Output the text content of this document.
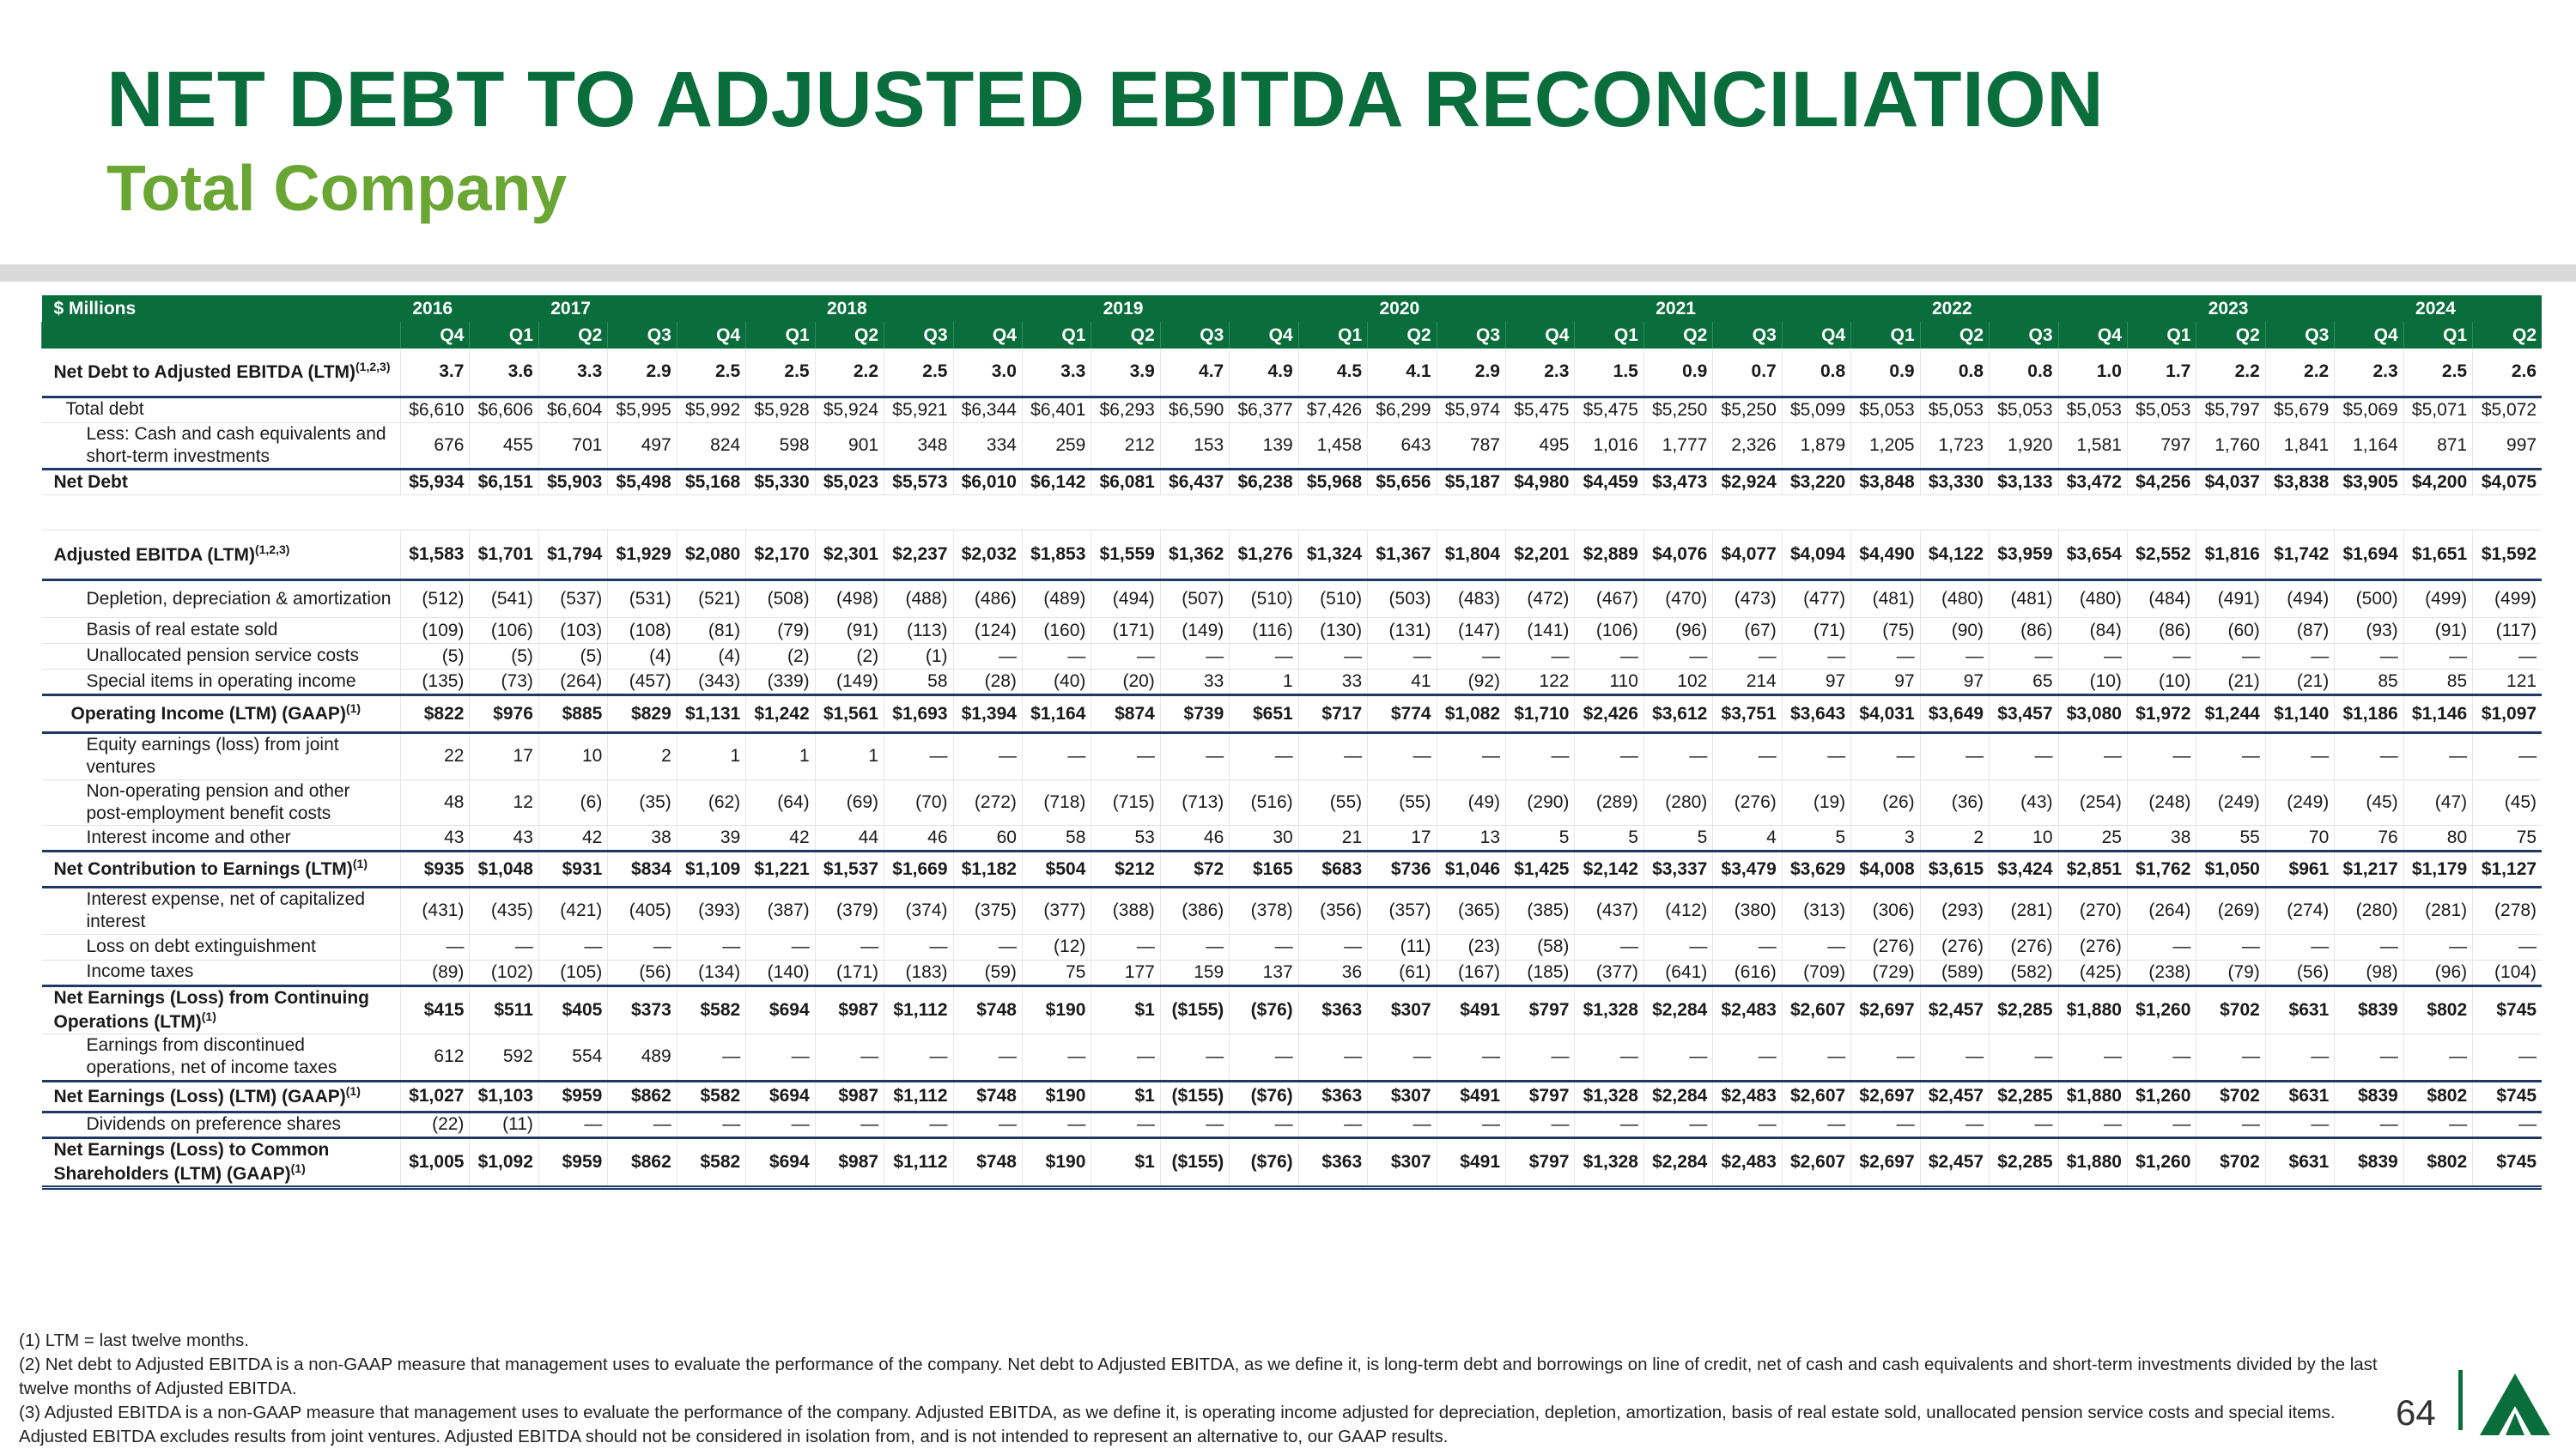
NET DEBT TO ADJUSTED EBITDA RECONCILIATION
Total Company
$ Millions	2016		2017				2018				2019				2020				2021				2022				2023			2024	
	Q4	Q1	Q2	Q3	Q4	Q1	Q2	Q3	Q4	Q1	Q2	Q3	Q4	Q1	Q2	Q3	Q4	Q1	Q2	Q3	Q4	Q1	Q2	Q3	Q4	Q1	Q2	Q3	Q4	Q1	Q2
Net Debt to Adjusted EBITDA (LTM)$^{(1,2,3)}$	3.7	3.6	3.3	2.9	2.5	2.5	2.2	2.5	3.0	3.3	3.9	4.7	4.9	4.5	4.1	2.9	2.3	1.5	0.9	0.7	0.8	0.9	0.8	0.8	1.0	1.7	2.2	2.2	2.3	2.5	2.6
Total debt	$6,610	$6,606	$6,604	$5,995	$5,992	$5,928	$5,924	$5,921	$6,344	$6,401	$6,293	$6,590	$6,377	$7,426	$6,299	$5,974	$5,475	$5,475	$5,250	$5,250	$5,099	$5,053	$5,053	$5,053	$5,053	$5,053	$5,797	$5,679	$5,069	$5,071	$5,072
Less: Cash and cash equivalents and short-term investments	676	455	701	497	824	598	901	348	334	259	212	153	139	1,458	643	787	495	1,016	1,777	2,326	1,879	1,205	1,723	1,920	1,581	797	1,760	1,841	1,164	871	997
Net Debt	$5,934	$6,151	$5,903	$5,498	$5,168	$5,330	$5,023	$5,573	$6,010	$6,142	$6,081	$6,437	$6,238	$5,968	$5,656	$5,187	$4,980	$4,459	$3,473	$2,924	$3,220	$3,848	$3,330	$3,133	$3,472	$4,256	$4,037	$3,838	$3,905	$4,200	$4,075

Adjusted EBITDA (LTM)$^{(1,2,3)}$	$1,583	$1,701	$1,794	$1,929	$2,080	$2,170	$2,301	$2,237	$2,032	$1,853	$1,559	$1,362	$1,276	$1,324	$1,367	$1,804	$2,201	$2,889	$4,076	$4,077	$4,094	$4,490	$4,122	$3,959	$3,654	$2,552	$1,816	$1,742	$1,694	$1,651	$1,592
Depletion, depreciation & amortization	(512)	(541)	(537)	(531)	(521)	(508)	(498)	(488)	(486)	(489)	(494)	(507)	(510)	(510)	(503)	(483)	(472)	(467)	(470)	(473)	(477)	(481)	(480)	(481)	(480)	(484)	(491)	(494)	(500)	(499)	(499)
Basis of real estate sold	(109)	(106)	(103)	(108)	(81)	(79)	(91)	(113)	(124)	(160)	(171)	(149)	(116)	(130)	(131)	(147)	(141)	(106)	(96)	(67)	(71)	(75)	(90)	(86)	(84)	(86)	(60)	(87)	(93)	(91)	(117)
Unallocated pension service costs	(5)	(5)	(5)	(4)	(4)	(2)	(2)	(1)	—	—	—	—	—	—	—	—	—	—	—	—	—	—	—	—	—	—	—	—	—	—	—
Special items in operating income	(135)	(73)	(264)	(457)	(343)	(339)	(149)	58	(28)	(40)	(20)	33	1	33	41	(92)	122	110	102	214	97	97	97	65	(10)	(10)	(21)	(21)	85	85	121
Operating Income (LTM) (GAAP)$^{(1)}$	$822	$976	$885	$829	$1,131	$1,242	$1,561	$1,693	$1,394	$1,164	$874	$739	$651	$717	$774	$1,082	$1,710	$2,426	$3,612	$3,751	$3,643	$4,031	$3,649	$3,457	$3,080	$1,972	$1,244	$1,140	$1,186	$1,146	$1,097
Equity earnings (loss) from joint ventures	22	17	10	2	1	1	1	—	—	—	—	—	—	—	—	—	—	—	—	—	—	—	—	—	—	—	—	—	—	—	—
Non-operating pension and other post-employment benefit costs	48	12	(6)	(35)	(62)	(64)	(69)	(70)	(272)	(718)	(715)	(713)	(516)	(55)	(55)	(49)	(290)	(289)	(280)	(276)	(19)	(26)	(36)	(43)	(254)	(248)	(249)	(249)	(45)	(47)	(45)
Interest income and other	43	43	42	38	39	42	44	46	60	58	53	46	30	21	17	13	5	5	5	4	5	3	2	10	25	38	55	70	76	80	75
Net Contribution to Earnings (LTM)$^{(1)}$	$935	$1,048	$931	$834	$1,109	$1,221	$1,537	$1,669	$1,182	$504	$212	$72	$165	$683	$736	$1,046	$1,425	$2,142	$3,337	$3,479	$3,629	$4,008	$3,615	$3,424	$2,851	$1,762	$1,050	$961	$1,217	$1,179	$1,127
Interest expense, net of capitalized interest	(431)	(435)	(421)	(405)	(393)	(387)	(379)	(374)	(375)	(377)	(388)	(386)	(378)	(356)	(357)	(365)	(385)	(437)	(412)	(380)	(313)	(306)	(293)	(281)	(270)	(264)	(269)	(274)	(280)	(281)	(278)
Loss on debt extinguishment	—	—	—	—	—	—	—	—	—	(12)	—	—	—	—	(11)	(23)	(58)	—	—	—	—	(276)	(276)	(276)	(276)	—	—	—	—	—	—
Income taxes	(89)	(102)	(105)	(56)	(134)	(140)	(171)	(183)	(59)	75	177	159	137	36	(61)	(167)	(185)	(377)	(641)	(616)	(709)	(729)	(589)	(582)	(425)	(238)	(79)	(56)	(98)	(96)	(104)
Net Earnings (Loss) from Continuing Operations (LTM)$^{(1)}$	$415	$511	$405	$373	$582	$694	$987	$1,112	$748	$190	$1	($155)	($76)	$363	$307	$491	$797	$1,328	$2,284	$2,483	$2,607	$2,697	$2,457	$2,285	$1,880	$1,260	$702	$631	$839	$802	$745
Earnings from discontinued operations, net of income taxes	612	592	554	489	—	—	—	—	—	—	—	—	—	—	—	—	—	—	—	—	—	—	—	—	—	—	—	—	—	—	—
Net Earnings (Loss) (LTM) (GAAP)$^{(1)}$	$1,027	$1,103	$959	$862	$582	$694	$987	$1,112	$748	$190	$1	($155)	($76)	$363	$307	$491	$797	$1,328	$2,284	$2,483	$2,607	$2,697	$2,457	$2,285	$1,880	$1,260	$702	$631	$839	$802	$745
Dividends on preference shares	(22)	(11)	—	—	—	—	—	—	—	—	—	—	—	—	—	—	—	—	—	—	—	—	—	—	—	—	—	—	—	—	—
Net Earnings (Loss) to Common Shareholders (LTM) (GAAP)$^{(1)}$	$1,005	$1,092	$959	$862	$582	$694	$987	$1,112	$748	$190	$1	($155)	($76)	$363	$307	$491	$797	$1,328	$2,284	$2,483	$2,607	$2,697	$2,457	$2,285	$1,880	$1,260	$702	$631	$839	$802	$745

(1) LTM = last twelve months.

(2) Net debt to Adjusted EBITDA is a non-GAAP measure that management uses to evaluate the performance of the company. Net debt to Adjusted EBITDA, as we define it, is long-term debt and borrowings on line of credit, net of cash and cash equivalents and short-term investments divided by the last twelve months of Adjusted EBITDA.

(3) Adjusted EBITDA is a non-GAAP measure that management uses to evaluate the performance of the company. Adjusted EBITDA, as we define it, is operating income adjusted for depreciation, depletion, amortization, basis of real estate sold, unallocated pension service costs and special items. Adjusted EBITDA excludes results from joint ventures. Adjusted EBITDA should not be considered in isolation from, and is not intended to represent an alternative to, our GAAP results.

64
